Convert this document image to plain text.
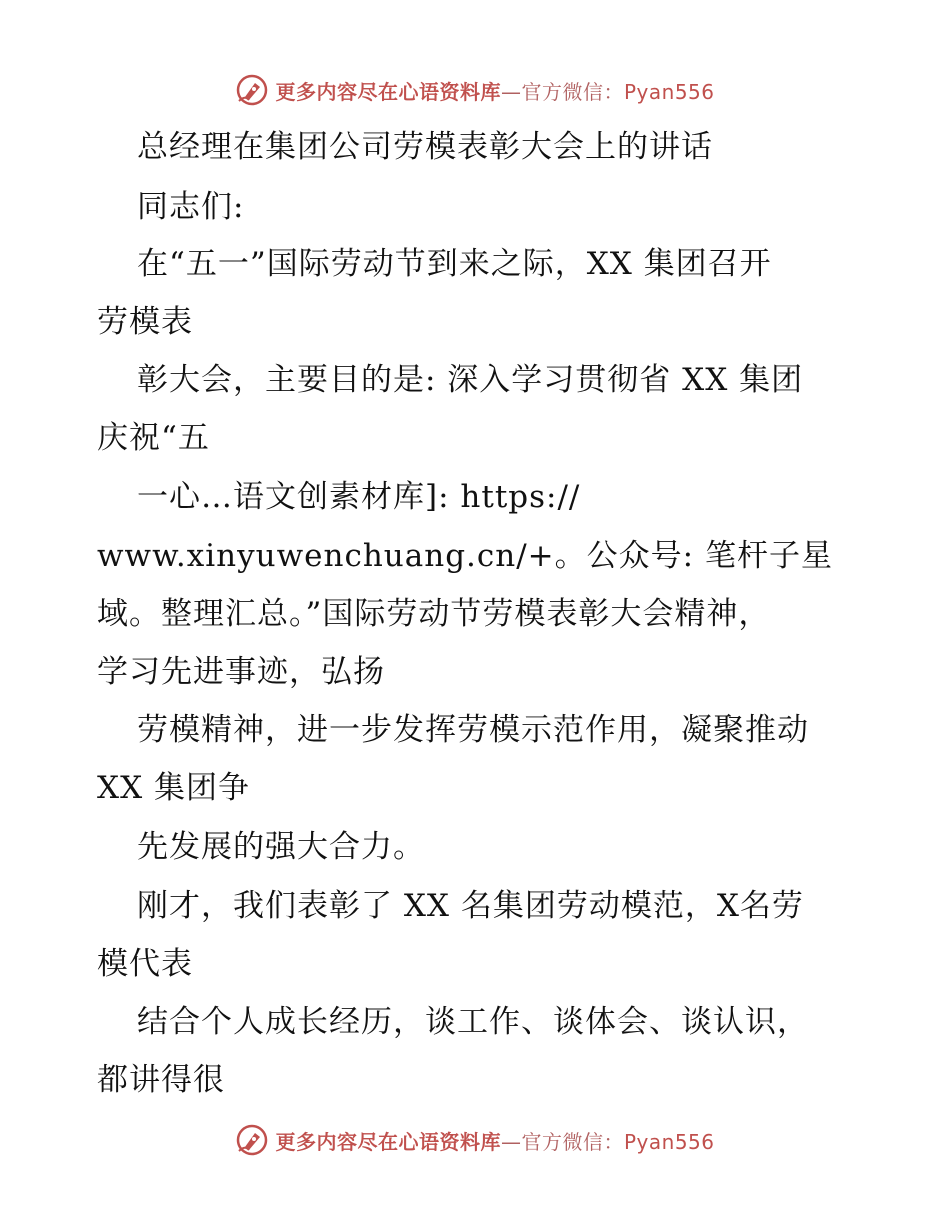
更多内容尽在心语资料库—官方微信：Pyan556
总经理在集团公司劳模表彰大会上的讲话
同志们:
在“五一”国际劳动节到来之际，XX 集团召开
劳模表
彰大会，主要目的是: 深入学习贯彻省 XX 集团
庆祝“五
一心…语文创素材库]: https://
www.xinyuwenchuang.cn/+。公众号: 笔杆子星
域。整理汇总。”国际劳动节劳模表彰大会精神，
学习先进事迹，弘扬
劳模精神，进一步发挥劳模示范作用，凝聚推动
XX 集团争
先发展的强大合力。
刚才，我们表彰了 XX 名集团劳动模范，X名劳
模代表
结合个人成长经历，谈工作、谈体会、谈认识，
都讲得很
更多内容尽在心语资料库—官方微信：Pyan556
